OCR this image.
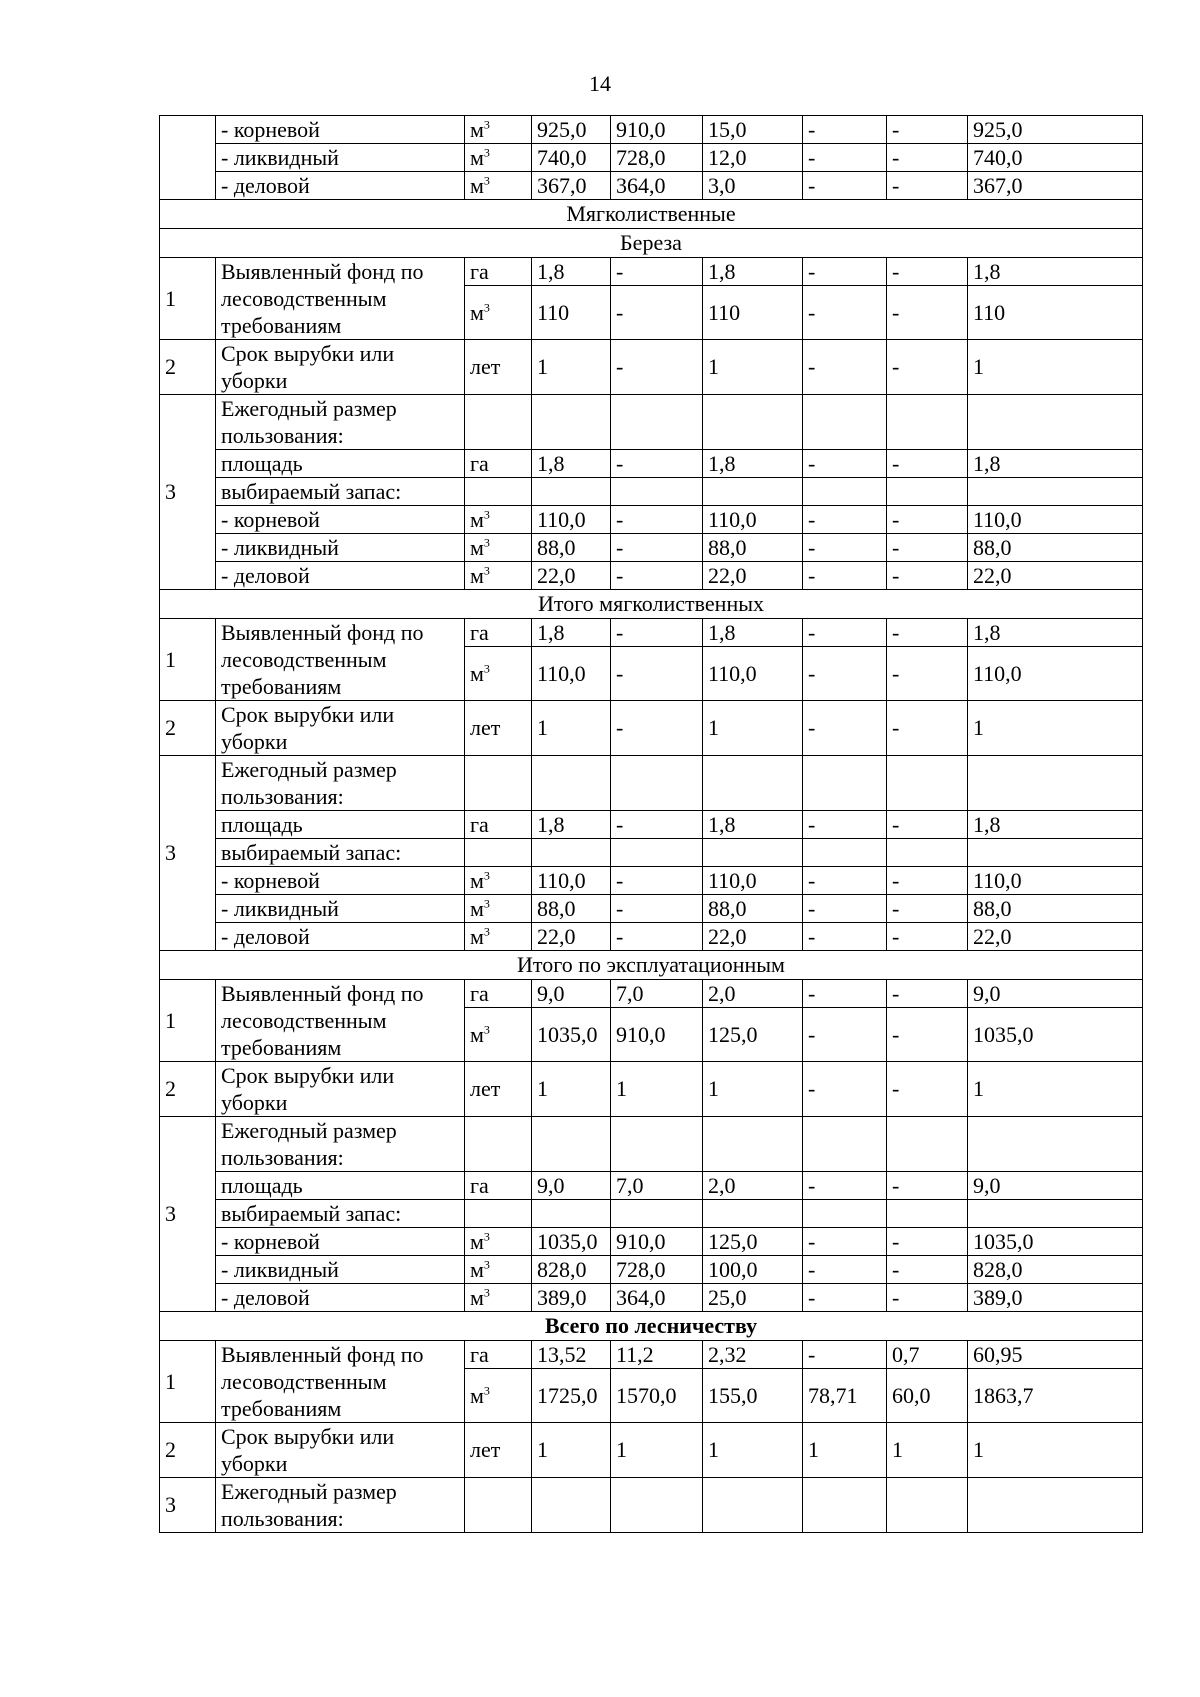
14
	- корневой	$м^3$	925,0	910,0	15,0	-	-	925,0
	- ликвидный	$м^3$	740,0	728,0	12,0	-	-	740,0
	- деловой	$м^3$	367,0	364,0	3,0	-	-	367,0
Мягколиственные								
Береза								
1	Выявленный фонд по лесоводственным требованиям	га	1,8	-	1,8	-	-	1,8
		$м^3$	110	-	110	-	-	110
2	Срок вырубки или уборки	лет	1	-	1	-	-	1
3	Ежегодный размер пользования:							
	площадь	га	1,8	-	1,8	-	-	1,8
	выбираемый запас:							
	- корневой	$м^3$	110,0	-	110,0	-	-	110,0
	- ликвидный	$м^3$	88,0	-	88,0	-	-	88,0
	- деловой	$м^3$	22,0	-	22,0	-	-	22,0
Итого мягколиственных								
1	Выявленный фонд по лесоводственным требованиям	га	1,8	-	1,8	-	-	1,8
		$м^3$	110,0	-	110,0	-	-	110,0
2	Срок вырубки или уборки	лет	1	-	1	-	-	1
3	Ежегодный размер пользования:							
	площадь	га	1,8	-	1,8	-	-	1,8
	выбираемый запас:							
	- корневой	$м^3$	110,0	-	110,0	-	-	110,0
	- ликвидный	$м^3$	88,0	-	88,0	-	-	88,0
	- деловой	$м^3$	22,0	-	22,0	-	-	22,0
Итого по эксплуатационным								
1	Выявленный фонд по лесоводственным требованиям	га	9,0	7,0	2,0	-	-	9,0
		$м^3$	1035,0	910,0	125,0	-	-	1035,0
2	Срок вырубки или уборки	лет	1	1	1	-	-	1
3	Ежегодный размер пользования:							
	площадь	га	9,0	7,0	2,0	-	-	9,0
	выбираемый запас:							
	- корневой	$м^3$	1035,0	910,0	125,0	-	-	1035,0
	- ликвидный	$м^3$	828,0	728,0	100,0	-	-	828,0
	- деловой	$м^3$	389,0	364,0	25,0	-	-	389,0
Всего по лесничеству								
1	Выявленный фонд по лесоводственным требованиям	га	13,52	11,2	2,32	-	0,7	60,95
		$м^3$	1725,0	1570,0	155,0	78,71	60,0	1863,7
2	Срок вырубки или уборки	лет	1	1	1	1	1	1
3	Ежегодный размер пользования:							
